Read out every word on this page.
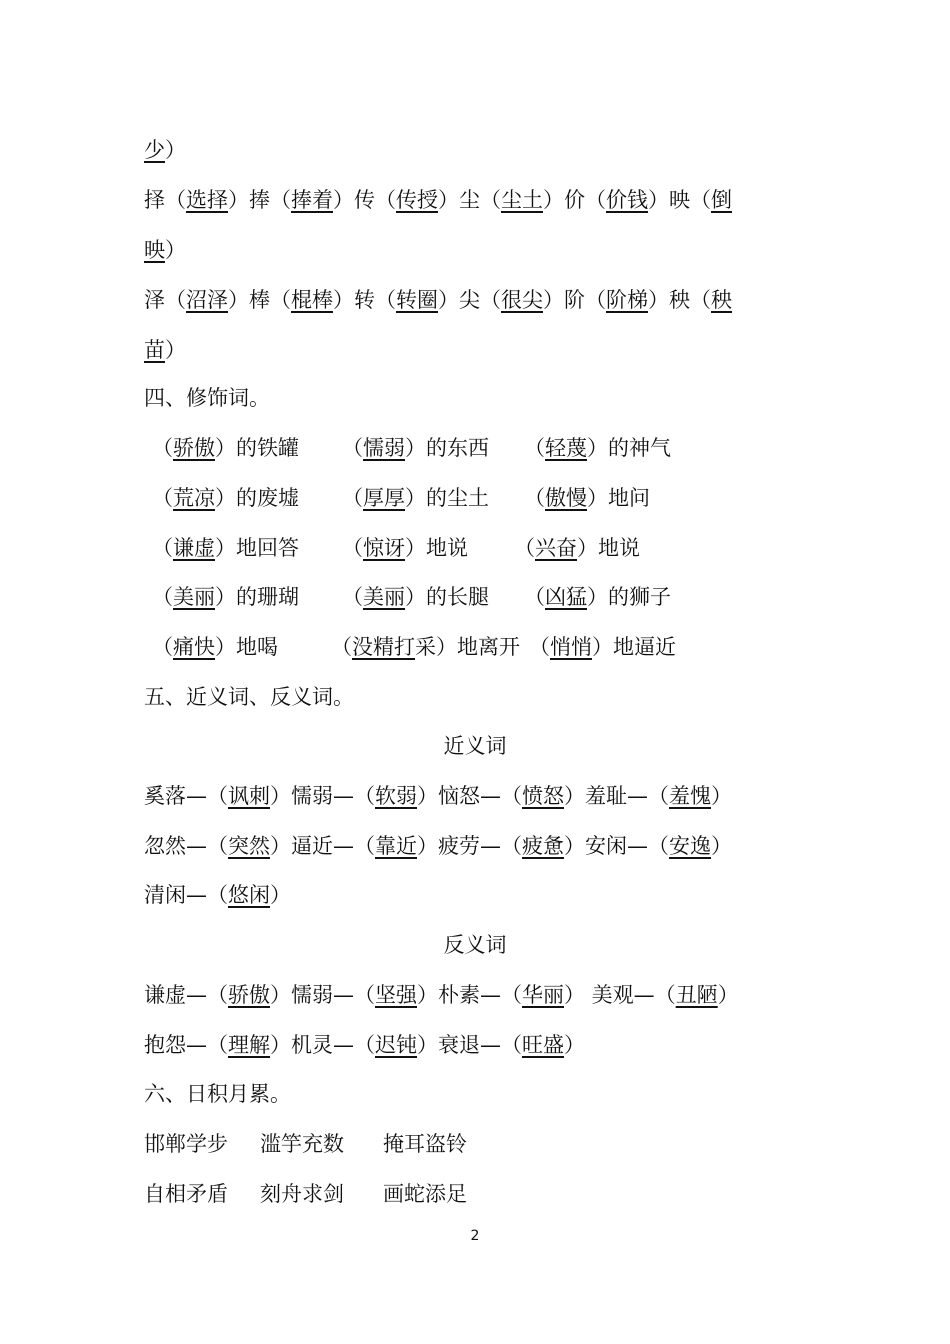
少）
择（选择）捧（捧着）传（传授）尘（尘土）价（价钱）映（倒
映）
泽（沼泽）棒（棍棒）转（转圈）尖（很尖）阶（阶梯）秧（秧
苗）
四、修饰词。
（骄傲）的铁罐 （懦弱）的东西 （轻蔑）的神气
（荒凉）的废墟 （厚厚）的尘土 （傲慢）地问
（谦虚）地回答 （惊讶）地说 （兴奋）地说
（美丽）的珊瑚 （美丽）的长腿 （凶猛）的狮子
（痛快）地喝	（没精打采）地离开 （悄悄）地逼近
五、近义词、反义词。
近义词
奚落—（讽刺）懦弱—（软弱）恼怒—（愤怒）羞耻—（羞愧）
忽然—（突然）逼近—（靠近）疲劳—（疲惫）安闲—（安逸）
清闲—（悠闲）
反义词
谦虚—（骄傲）懦弱—（坚强）朴素—（华丽） 美观—（丑陋）
抱怨—（理解）机灵—（迟钝）衰退—（旺盛）
六、日积月累。
邯郸学步 滥竽充数 掩耳盗铃
自相矛盾 刻舟求剑 画蛇添足
2
